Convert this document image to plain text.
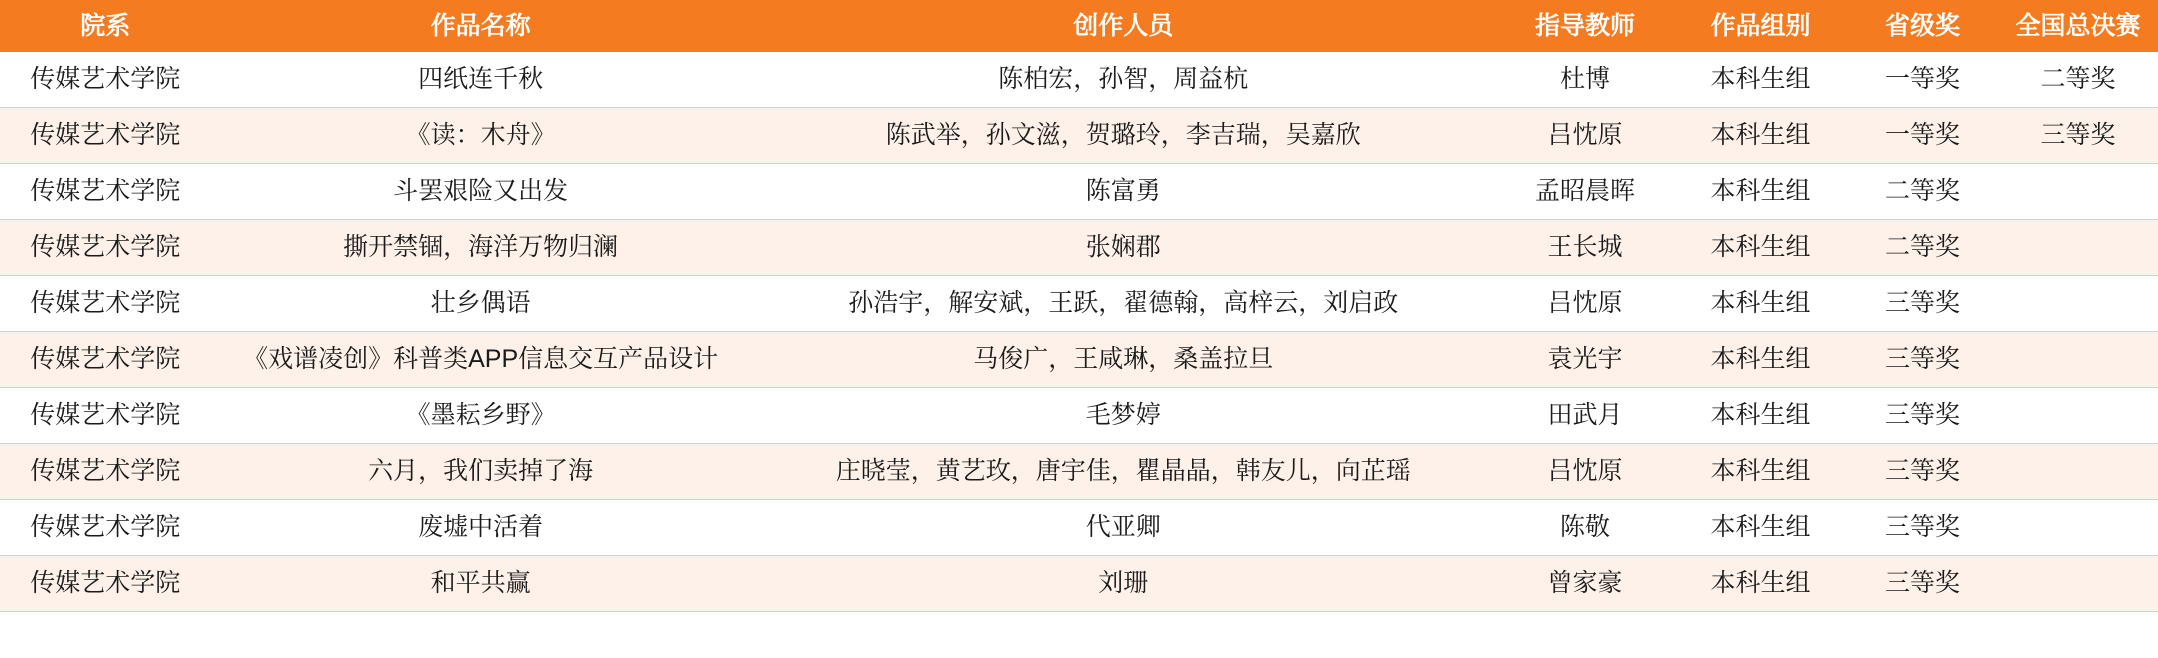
院系	作品名称	创作人员	指导教师	作品组别	省级奖	全国总决赛
传媒艺术学院	四纸连千秋	陈柏宏，孙智，周益杭	杜博	本科生组	一等奖	二等奖
传媒艺术学院	《读：木舟》	陈武举，孙文滋，贺璐玲，李吉瑞，吴嘉欣	吕忱原	本科生组	一等奖	三等奖
传媒艺术学院	斗罢艰险又出发	陈富勇	孟昭晨晖	本科生组	二等奖	
传媒艺术学院	撕开禁锢，海洋万物归澜	张娴郡	王长城	本科生组	二等奖	
传媒艺术学院	壮乡偶语	孙浩宇，解安斌，王跃，翟德翰，高梓云，刘启政	吕忱原	本科生组	三等奖	
传媒艺术学院	《戏谱凌创》科普类APP信息交互产品设计	马俊广，王咸琳，桑盖拉旦	袁光宇	本科生组	三等奖	
传媒艺术学院	《墨耘乡野》	毛梦婷	田武月	本科生组	三等奖	
传媒艺术学院	六月，我们卖掉了海	庄晓莹，黄艺玫，唐宇佳，瞿晶晶，韩友儿，向芷瑶	吕忱原	本科生组	三等奖	
传媒艺术学院	废墟中活着	代亚卿	陈敬	本科生组	三等奖	
传媒艺术学院	和平共赢	刘珊	曾家豪	本科生组	三等奖	
